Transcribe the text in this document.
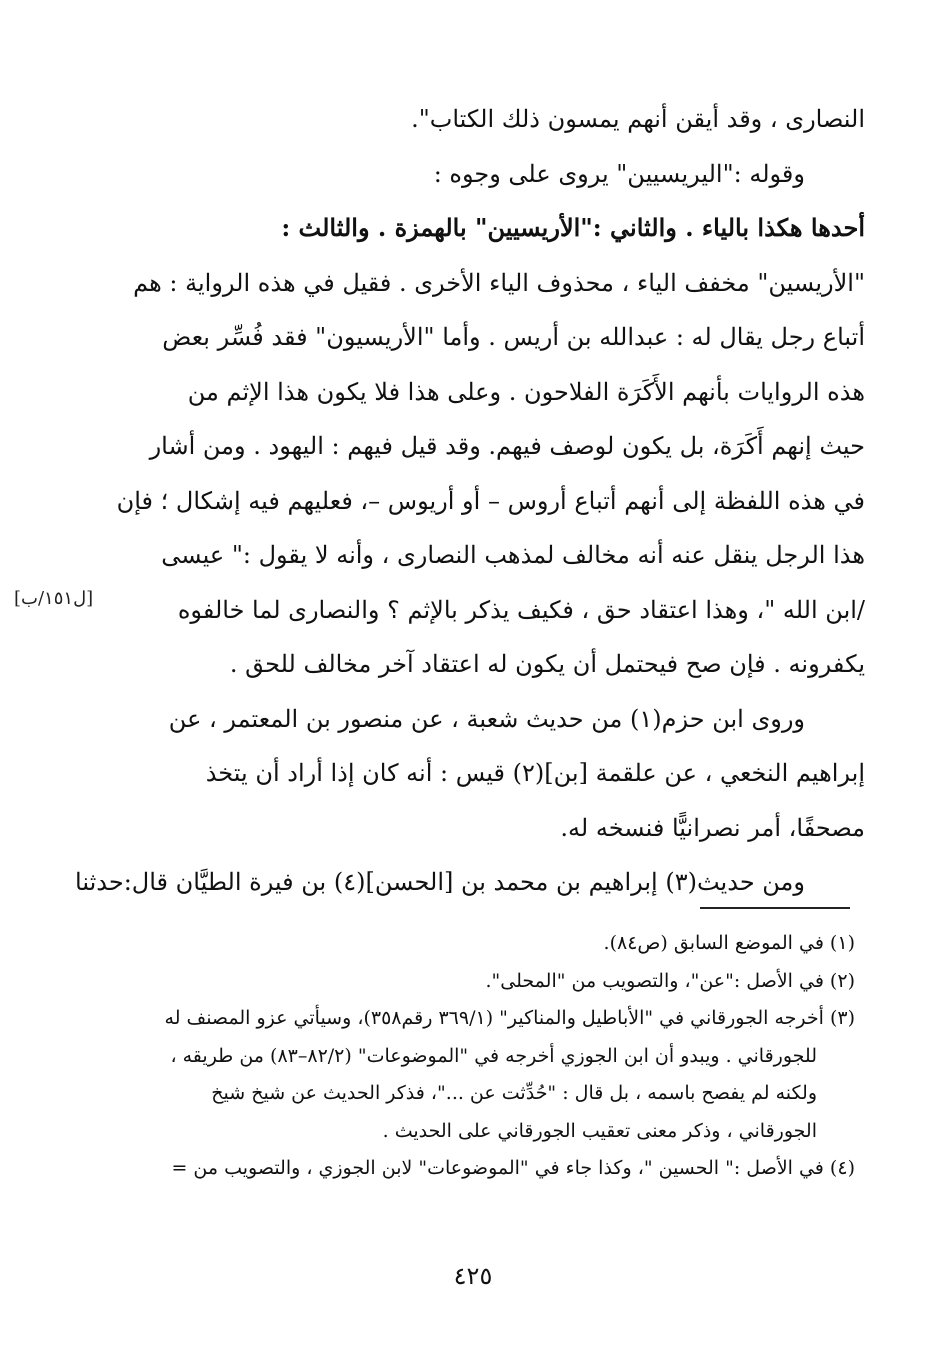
النصارى ، وقد أيقن أنهم يمسون ذلك الكتاب".
وقوله :"اليريسيين" يروى على وجوه :
أحدها هكذا بالياء . والثاني :"الأريسيين" بالهمزة . والثالث :
"الأريسين" مخفف الياء ، محذوف الياء الأخرى . فقيل في هذه الرواية : هم
أتباع رجل يقال له : عبدالله بن أريس . وأما "الأريسيون" فقد فُسِّر بعض
هذه الروايات بأنهم الأَكَرَة الفلاحون . وعلى هذا فلا يكون هذا الإثم من
حيث إنهم أَكَرَة، بل يكون لوصف فيهم. وقد قيل فيهم : اليهود . ومن أشار
في هذه اللفظة إلى أنهم أتباع أروس – أو أريوس –، فعليهم فيه إشكال ؛ فإن
هذا الرجل ينقل عنه أنه مخالف لمذهب النصارى ، وأنه لا يقول :" عيسى
/ابن الله "، وهذا اعتقاد حق ، فكيف يذكر بالإثم ؟ والنصارى لما خالفوه
يكفرونه . فإن صح فيحتمل أن يكون له اعتقاد آخر مخالف للحق .
وروى ابن حزم(١) من حديث شعبة ، عن منصور بن المعتمر ، عن
إبراهيم النخعي ، عن علقمة [بن](٢) قيس : أنه كان إذا أراد أن يتخذ
مصحفًا، أمر نصرانيًّا فنسخه له.
ومن حديث(٣) إبراهيم بن محمد بن [الحسن](٤) بن فيرة الطيَّان قال:حدثنا
[ل١٥١/ب]
(١) في الموضع السابق (ص٨٤).
(٢) في الأصل :"عن"، والتصويب من "المحلى".
(٣) أخرجه الجورقاني في "الأباطيل والمناكير" (٣٦٩/١ رقم٣٥٨)، وسيأتي عزو المصنف له
للجورقاني . ويبدو أن ابن الجوزي أخرجه في "الموضوعات" (٨٢/٢–٨٣) من طريقه ،
ولكنه لم يفصح باسمه ، بل قال : "حُدِّثت عن ..."، فذكر الحديث عن شيخ شيخ
الجورقاني ، وذكر معنى تعقيب الجورقاني على الحديث .
(٤) في الأصل :" الحسين "، وكذا جاء في "الموضوعات" لابن الجوزي ، والتصويب من =
٤٢٥
